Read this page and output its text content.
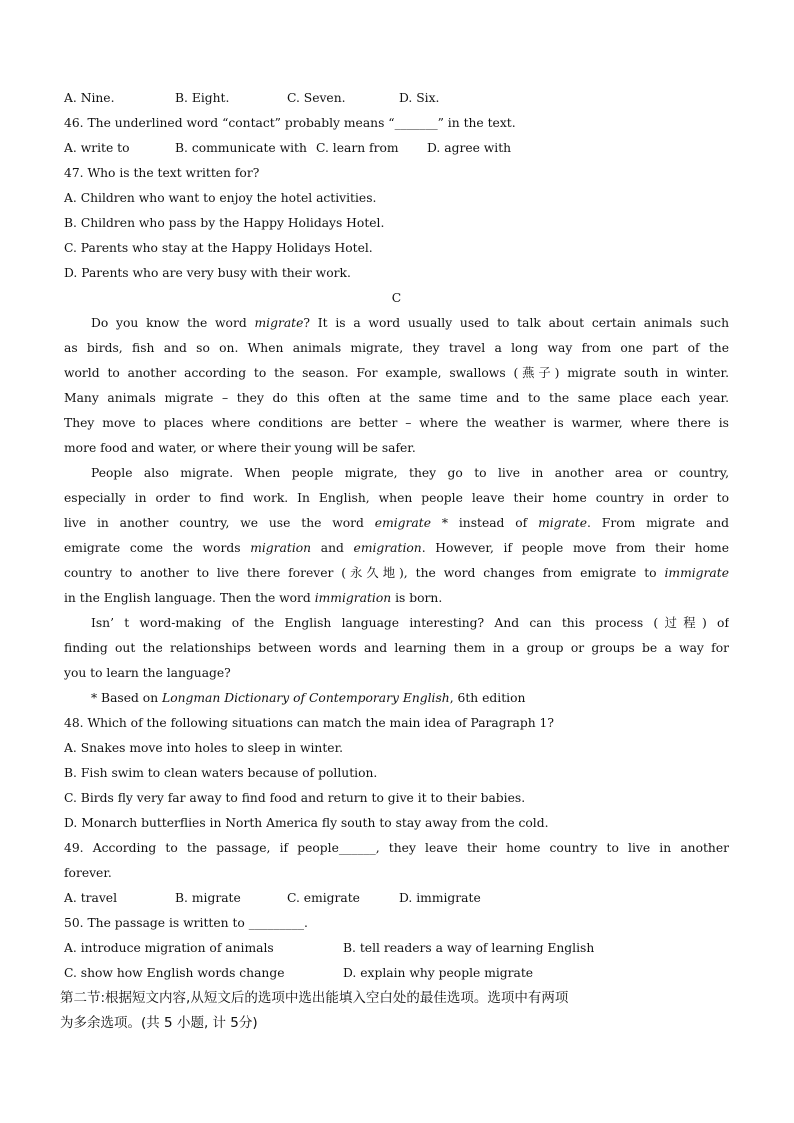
A. Nine.	B. Eight.	C. Seven.	D. Six.
46. The underlined word “contact” probably means “_______” in the text.
A. write to	B. communicate with C. learn from	D. agree with
47. Who is the text written for?
A. Children who want to enjoy the hotel activities.
B. Children who pass by the Happy Holidays Hotel.
C. Parents who stay at the Happy Holidays Hotel.
D. Parents who are very busy with their work.
C
Do you know the word migrate? It is a word usually used to talk about certain animals such
as birds, fish and so on. When animals migrate, they travel a long way from one part of the
world to another according to the season. For example, swallows (燕子) migrate south in winter.
Many animals migrate – they do this often at the same time and to the same place each year.
They move to places where conditions are better – where the weather is warmer, where there is
more food and water, or where their young will be safer.
People also migrate. When people migrate, they go to live in another area or country,
especially in order to find work. In English, when people leave their home country in order to
live in another country, we use the word emigrate * instead of migrate. From migrate and
emigrate come the words migration and emigration. However, if people move from their home
country to another to live there forever (永久地), the word changes from emigrate to immigrate
in the English language. Then the word immigration is born.
Isn’ t word-making of the English language interesting? And can this process (过程) of
finding out the relationships between words and learning them in a group or groups be a way for
you to learn the language?
* Based on Longman Dictionary of Contemporary English, 6th edition
48. Which of the following situations can match the main idea of Paragraph 1?
A. Snakes move into holes to sleep in winter.
B. Fish swim to clean waters because of pollution.
C. Birds fly very far away to find food and return to give it to their babies.
D. Monarch butterflies in North America fly south to stay away from the cold.
49. According to the passage, if people______, they leave their home country to live in another
forever.
A. travel	B. migrate	C. emigrate	D. immigrate
50. The passage is written to _________.
A. introduce migration of animals	B. tell readers a way of learning English
C. show how English words change	D. explain why people migrate
第二节:根据短文内容,从短文后的选项中选出能填入空白处的最佳选项。选项中有两项
为多余选项。(共 5 小题, 计 5分)
